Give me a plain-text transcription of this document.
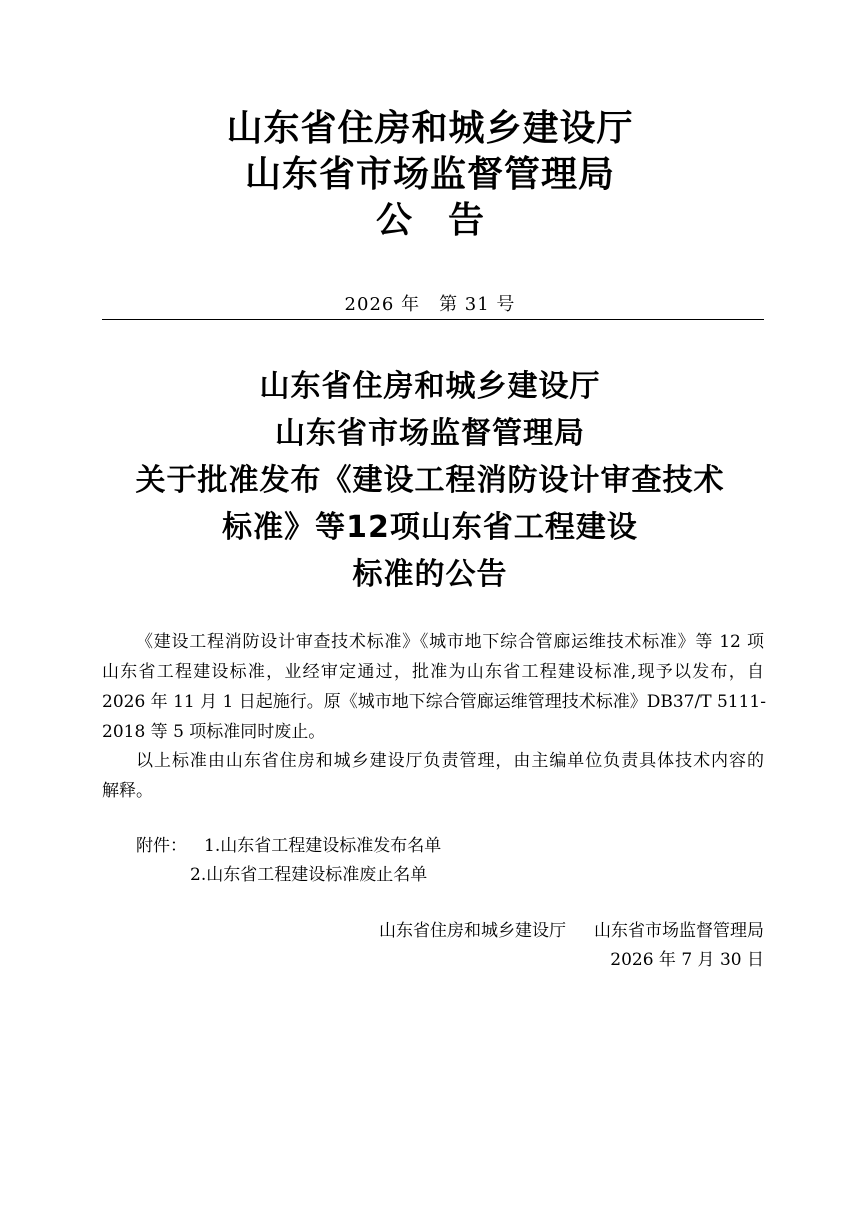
山东省住房和城乡建设厅
山东省市场监督管理局
公告
2026 年　第 31 号
山东省住房和城乡建设厅
山东省市场监督管理局
关于批准发布《建设工程消防设计审查技术
标准》等12项山东省工程建设
标准的公告
《建设工程消防设计审查技术标准》《城市地下综合管廊运维技术标准》等 12 项
山东省工程建设标准，业经审定通过，批准为山东省工程建设标准,现予以发布，自
2026 年 11 月 1 日起施行。原《城市地下综合管廊运维管理技术标准》DB37/T 5111-
2018 等 5 项标准同时废止。
以上标准由山东省住房和城乡建设厅负责管理，由主编单位负责具体技术内容的
解释。
附件： 1.山东省工程建设标准发布名单
2.山东省工程建设标准废止名单
山东省住房和城乡建设厅 山东省市场监督管理局
2026 年 7 月 30 日
